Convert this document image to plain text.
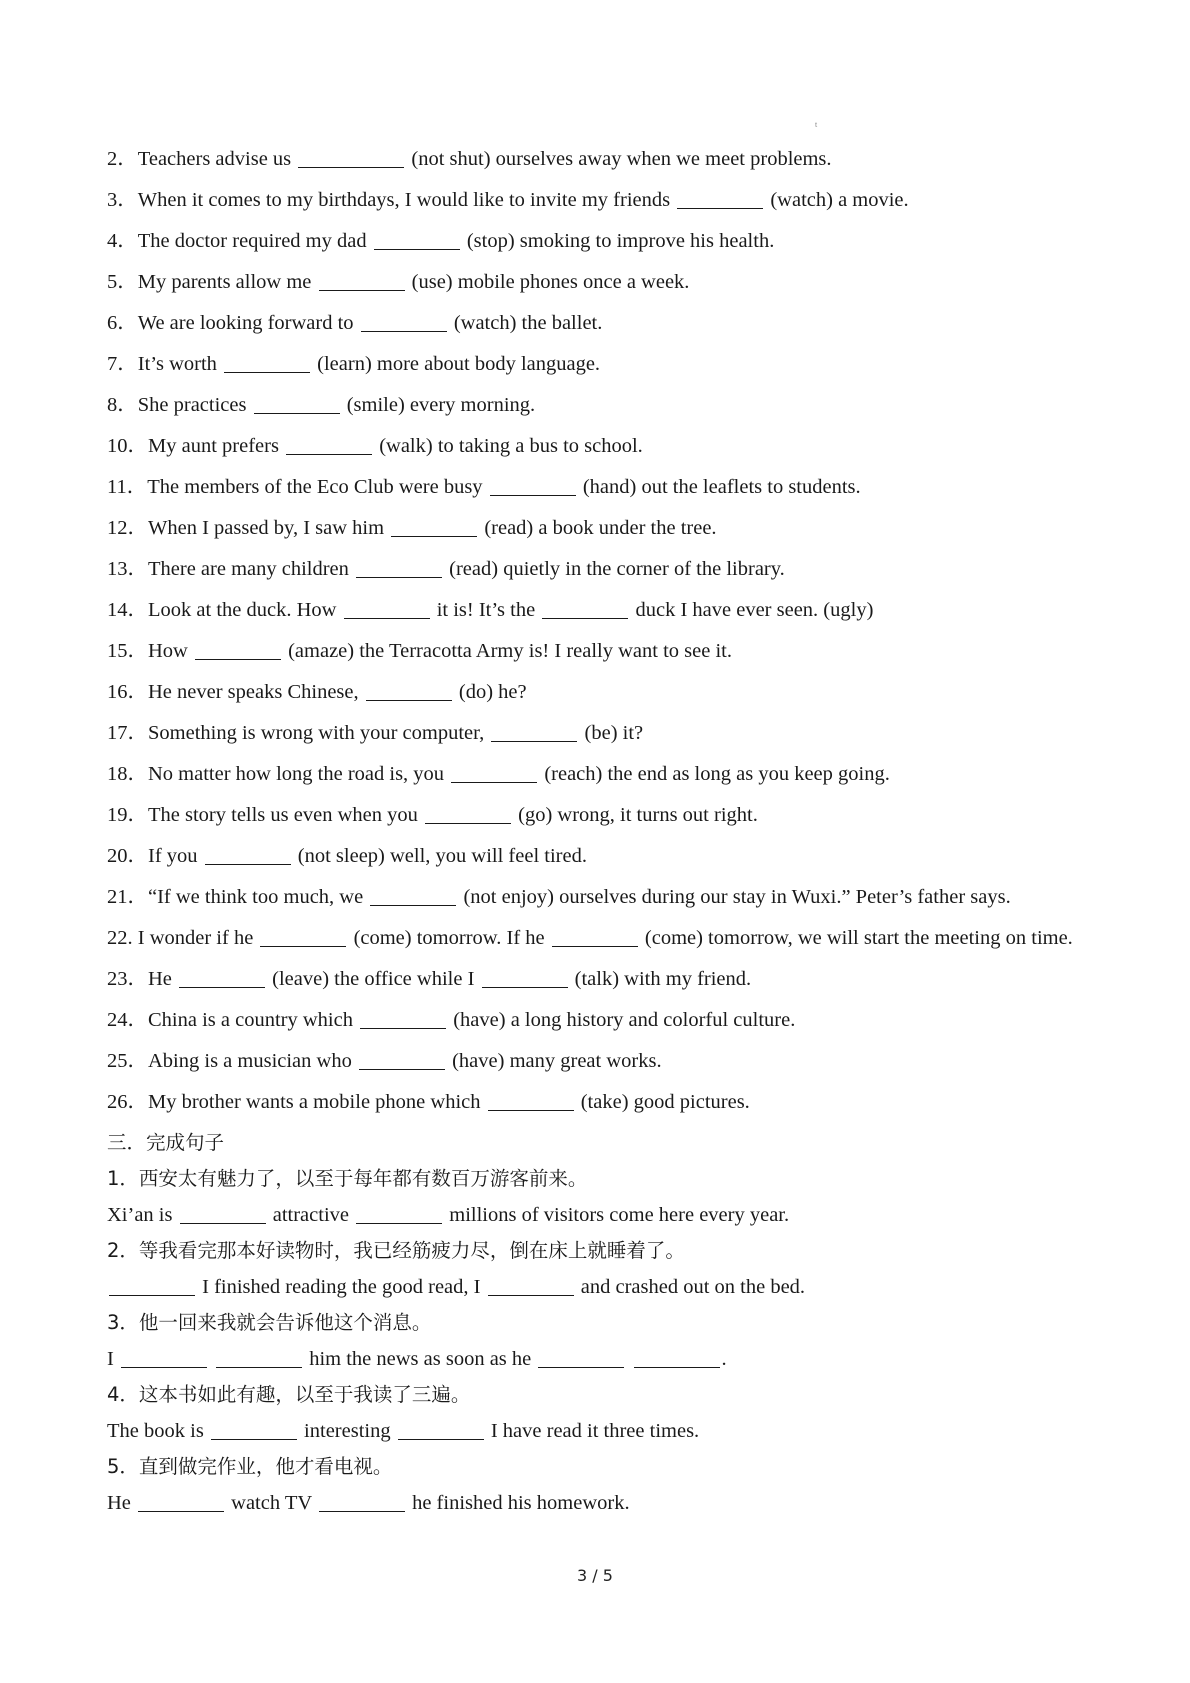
t
2．Teachers advise us	(not shut) ourselves away when we meet problems.
3．When it comes to my birthdays, I would like to invite my friends	(watch) a movie.
4．The doctor required my dad	(stop) smoking to improve his health.
5．My parents allow me	(use) mobile phones once a week.
6．We are looking forward to	(watch) the ballet.
7．It’s worth	(learn) more about body language.
8．She practices	(smile) every morning.
10．My aunt prefers	(walk) to taking a bus to school.
11．The members of the Eco Club were busy	(hand) out the leaflets to students.
12．When I passed by, I saw him	(read) a book under the tree.
13．There are many children	(read) quietly in the corner of the library.
14．Look at the duck. How	it is! It’s the	duck I have ever seen. (ugly)
15．How	(amaze) the Terracotta Army is! I really want to see it.
16．He never speaks Chinese,	(do) he?
17．Something is wrong with your computer,	(be) it?
18．No matter how long the road is, you	(reach) the end as long as you keep going.
19．The story tells us even when you	(go) wrong, it turns out right.
20．If you	(not sleep) well, you will feel tired.
21．“If we think too much, we	(not enjoy) ourselves during our stay in Wuxi.” Peter’s father says.
22. I wonder if he	(come) tomorrow. If he	(come) tomorrow, we will start the meeting on time.
23．He	(leave) the office while I	(talk) with my friend.
24．China is a country which	(have) a long history and colorful culture.
25．Abing is a musician who	(have) many great works.
26．My brother wants a mobile phone which	(take) good pictures.
三．完成句子
1．西安太有魅力了，以至于每年都有数百万游客前来。
Xi’an is	attractive	millions of visitors come here every year.
2．等我看完那本好读物时，我已经筋疲力尽，倒在床上就睡着了。
I finished reading the good read, I	and crashed out on the bed.
3．他一回来我就会告诉他这个消息。
I	him the news as soon as he	.
4．这本书如此有趣，以至于我读了三遍。
The book is	interesting	I have read it three times.
5．直到做完作业，他才看电视。
He	watch TV	he finished his homework.
3 / 5
